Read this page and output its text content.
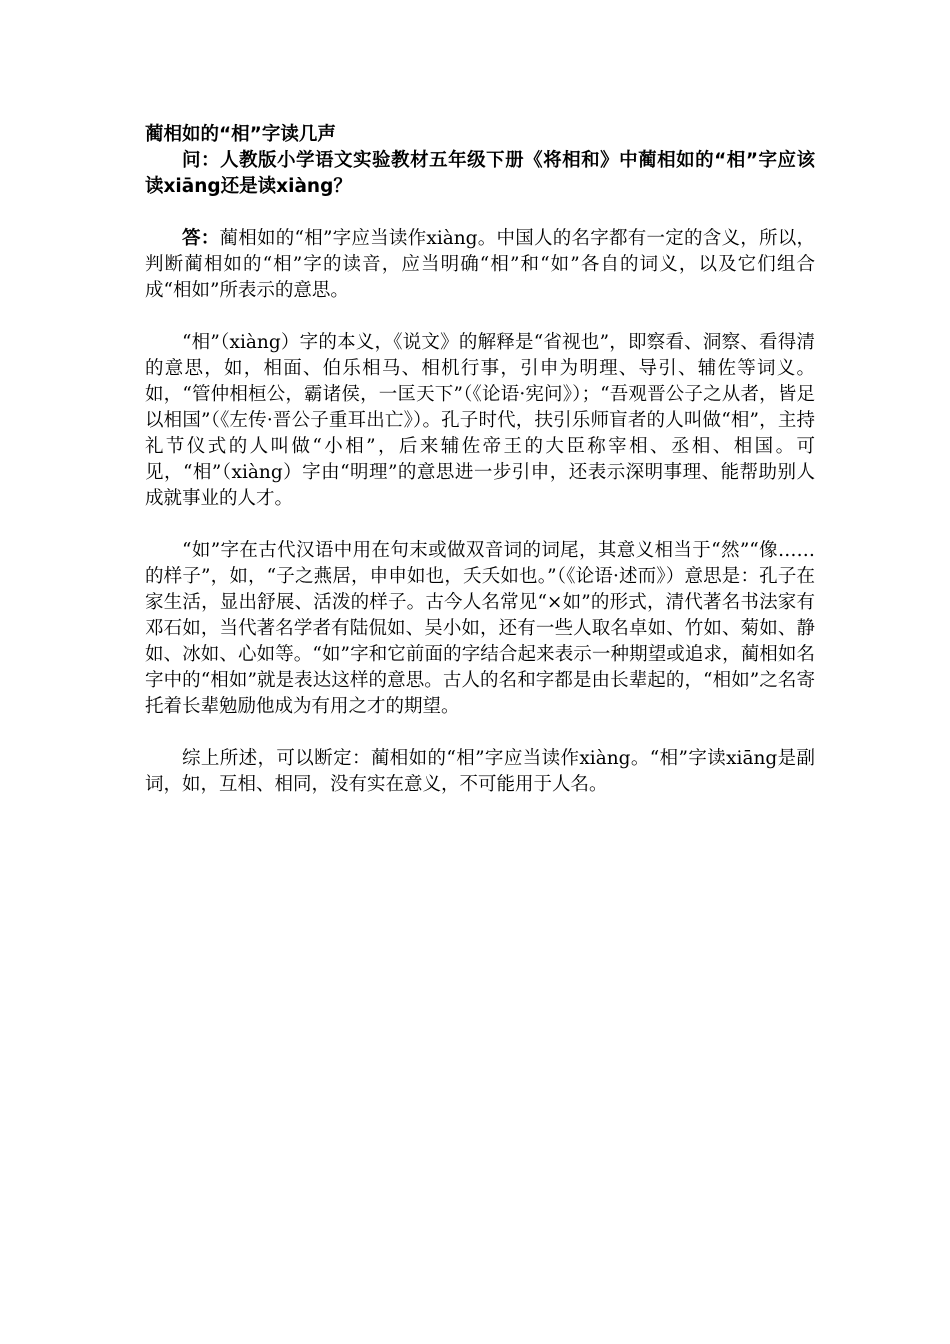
蔺相如的“相”字读几声

问：人教版小学语文实验教材五年级下册《将相和》中蔺相如的“相”字应该读xiāng还是读xiàng？

答：蔺相如的“相”字应当读作xiàng。中国人的名字都有一定的含义，所以，判断蔺相如的“相”字的读音，应当明确“相”和“如”各自的词义，以及它们组合成“相如”所表示的意思。

“相”（xiàng）字的本义，《说文》的解释是“省视也”，即察看、洞察、看得清的意思，如，相面、伯乐相马、相机行事，引申为明理、导引、辅佐等词义。如，“管仲相桓公，霸诸侯，一匡天下”（《论语·宪问》）；“吾观晋公子之从者，皆足以相国”（《左传·晋公子重耳出亡》）。孔子时代，扶引乐师盲者的人叫做“相”，主持礼节仪式的人叫做“小相”，后来辅佐帝王的大臣称宰相、丞相、相国。可见，“相”（xiàng）字由“明理”的意思进一步引申，还表示深明事理、能帮助别人成就事业的人才。

“如”字在古代汉语中用在句末或做双音词的词尾，其意义相当于“然”“像……的样子”，如，“子之燕居，申申如也，夭夭如也。”（《论语·述而》）意思是：孔子在家生活，显出舒展、活泼的样子。古今人名常见“×如”的形式，清代著名书法家有邓石如，当代著名学者有陆侃如、吴小如，还有一些人取名卓如、竹如、菊如、静如、冰如、心如等。“如”字和它前面的字结合起来表示一种期望或追求，蔺相如名字中的“相如”就是表达这样的意思。古人的名和字都是由长辈起的，“相如”之名寄托着长辈勉励他成为有用之才的期望。

综上所述，可以断定：蔺相如的“相”字应当读作xiàng。“相”字读xiāng是副词，如，互相、相同，没有实在意义，不可能用于人名。
